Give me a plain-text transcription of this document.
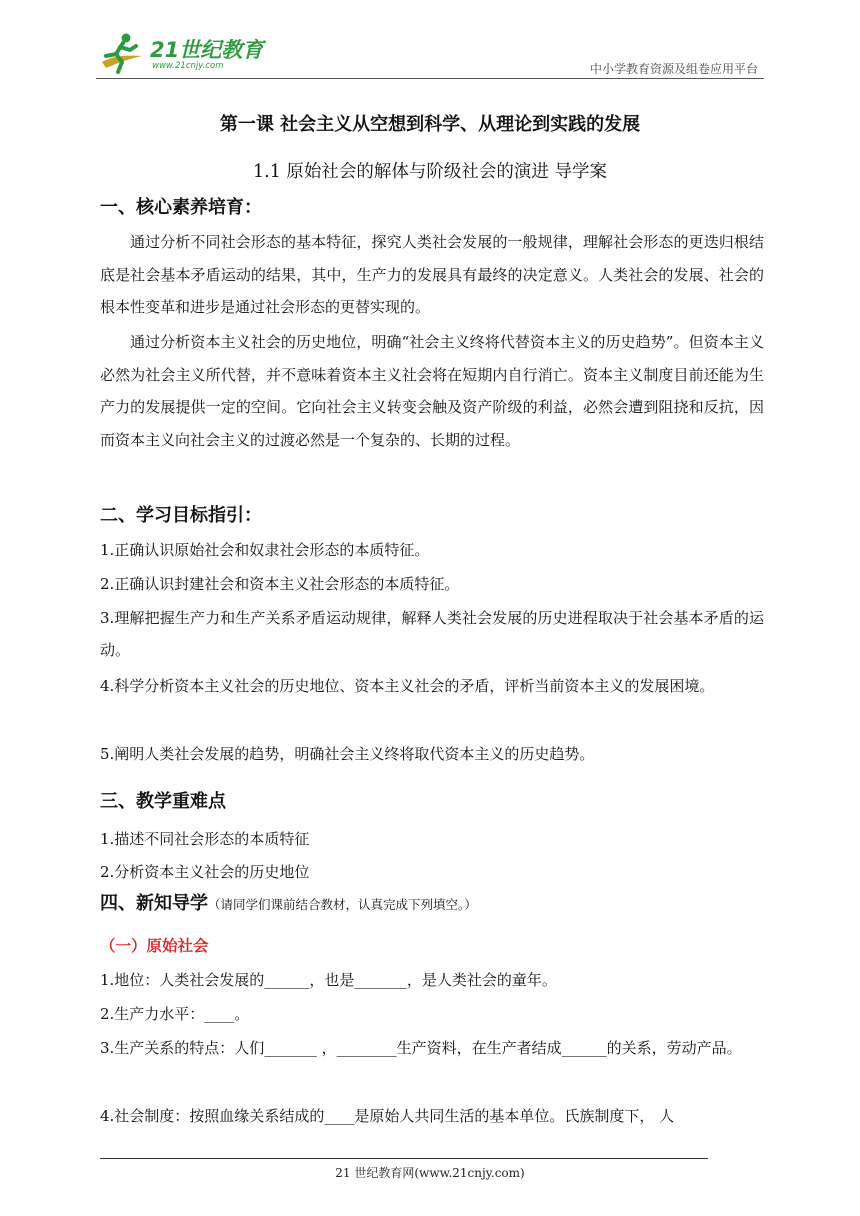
21世纪教育
www.21cnjy.com	中小学教育资源及组卷应用平台
第一课 社会主义从空想到科学、从理论到实践的发展
1.1 原始社会的解体与阶级社会的演进 导学案
一、核心素养培育：

通过分析不同社会形态的基本特征，探究人类社会发展的一般规律，理解社会形态的更迭归根结底是社会基本矛盾运动的结果，其中，生产力的发展具有最终的决定意义。人类社会的发展、社会的根本性变革和进步是通过社会形态的更替实现的。

通过分析资本主义社会的历史地位，明确“社会主义终将代替资本主义的历史趋势”。但资本主义必然为社会主义所代替，并不意味着资本主义社会将在短期内自行消亡。资本主义制度目前还能为生产力的发展提供一定的空间。它向社会主义转变会触及资产阶级的利益，必然会遭到阻挠和反抗，因而资本主义向社会主义的过渡必然是一个复杂的、长期的过程。

二、学习目标指引：
1.正确认识原始社会和奴隶社会形态的本质特征。
2.正确认识封建社会和资本主义社会形态的本质特征。
3.理解把握生产力和生产关系矛盾运动规律，解释人类社会发展的历史进程取决于社会基本矛盾的运动。
4.科学分析资本主义社会的历史地位、资本主义社会的矛盾，评析当前资本主义的发展困境。
5.阐明人类社会发展的趋势，明确社会主义终将取代资本主义的历史趋势。
三、教学重难点
1.描述不同社会形态的本质特征
2.分析资本主义社会的历史地位
四、新知导学（请同学们课前结合教材，认真完成下列填空。）
（一）原始社会
1.地位：人类社会发展的______，也是_______，是人类社会的童年。
2.生产力水平：____。
3.生产关系的特点：人们_______ ，________生产资料，在生产者结成______的关系，劳动产品。
4.社会制度：按照血缘关系结成的____是原始人共同生活的基本单位。氏族制度下， 人
21 世纪教育网(www.21cnjy.com)
